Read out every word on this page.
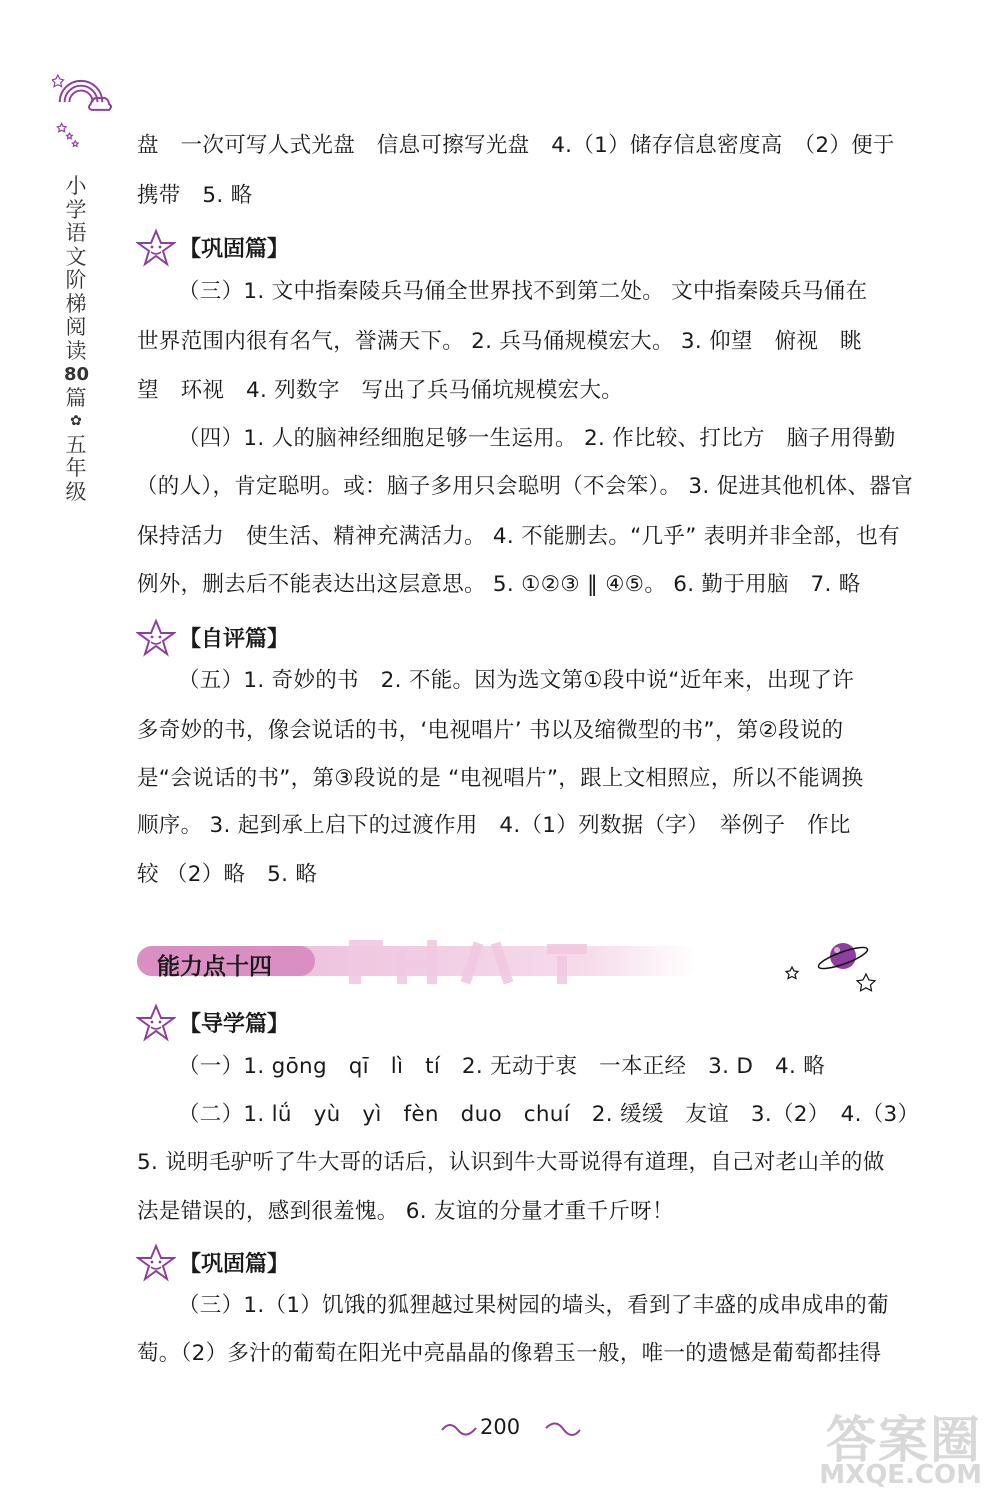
小
学
语
文
阶
梯
阅
读
80
篇
✿
五
年
级
盘　一次可写人式光盘　信息可擦写光盘　4.（1）储存信息密度高　（2）便于
携带　5. 略
【巩固篇】
（三）1. 文中指秦陵兵马俑全世界找不到第二处。 文中指秦陵兵马俑在
世界范围内很有名气，誉满天下。 2. 兵马俑规模宏大。 3. 仰望　俯视　眺
望　环视　4. 列数字　写出了兵马俑坑规模宏大。
（四）1. 人的脑神经细胞足够一生运用。 2. 作比较、打比方　脑子用得勤
（的人），肯定聪明。或：脑子多用只会聪明（不会笨）。 3. 促进其他机体、器官
保持活力　使生活、精神充满活力。 4. 不能删去。“几乎” 表明并非全部，也有
例外，删去后不能表达出这层意思。 5. ①②③ ‖ ④⑤。 6. 勤于用脑　7. 略
【自评篇】
（五）1. 奇妙的书　2. 不能。因为选文第①段中说“近年来，出现了许
多奇妙的书，像会说话的书，‘电视唱片’ 书以及缩微型的书”，第②段说的
是“会说话的书”，第③段说的是 “电视唱片”，跟上文相照应，所以不能调换
顺序。 3. 起到承上启下的过渡作用　4.（1）列数据（字）　举例子　作比
较 （2）略　5. 略
能力点十四
【导学篇】
（一）1. gōng　qī　lì　tí　2. 无动于衷　一本正经　3. D　4. 略
（二）1. lǘ　yù　yì　fèn　duo　chuí　2. 缓缓　友谊　3.（2）　4.（3）
5. 说明毛驴听了牛大哥的话后，认识到牛大哥说得有道理，自己对老山羊的做
法是错误的，感到很羞愧。 6. 友谊的分量才重千斤呀！
【巩固篇】
（三）1.（1）饥饿的狐狸越过果树园的墙头，看到了丰盛的成串成串的葡
萄。（2）多汁的葡萄在阳光中亮晶晶的像碧玉一般，唯一的遗憾是葡萄都挂得
200	答案圈
MXQE.COM
